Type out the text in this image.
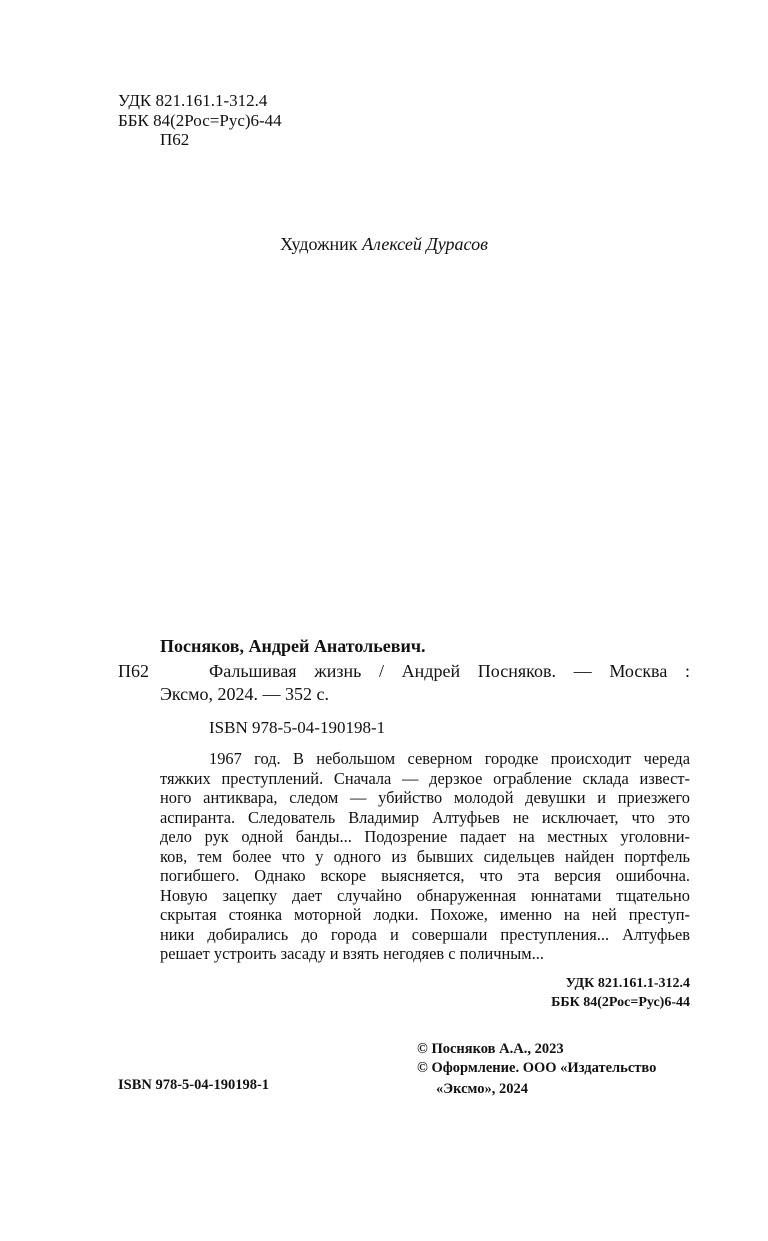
УДК 821.161.1-312.4
ББК 84(2Рос=Рус)6-44
П62
Художник Алексей Дурасов
Посняков, Андрей Анатольевич.
П62	Фальшивая жизнь / Андрей Посняков. — Москва :
Эксмо, 2024. — 352 с.
ISBN 978-5-04-190198-1

1967 год. В небольшом северном городке происходит череда
тяжких преступлений. Сначала — дерзкое ограбление склада извест-
ного антиквара, следом — убийство молодой девушки и приезжего
аспиранта. Следователь Владимир Алтуфьев не исключает, что это
дело рук одной банды... Подозрение падает на местных уголовни-
ков, тем более что у одного из бывших сидельцев найден портфель
погибшего. Однако вскоре выясняется, что эта версия ошибочна.
Новую зацепку дает случайно обнаруженная юннатами тщательно
скрытая стоянка моторной лодки. Похоже, именно на ней преступ-
ники добирались до города и совершали преступления... Алтуфьев
решает устроить засаду и взять негодяев с поличным...

УДК 821.161.1-312.4
ББК 84(2Рос=Рус)6-44
© Посняков А.А., 2023
© Оформление. ООО «Издательство
«Эксмо», 2024
ISBN 978-5-04-190198-1
